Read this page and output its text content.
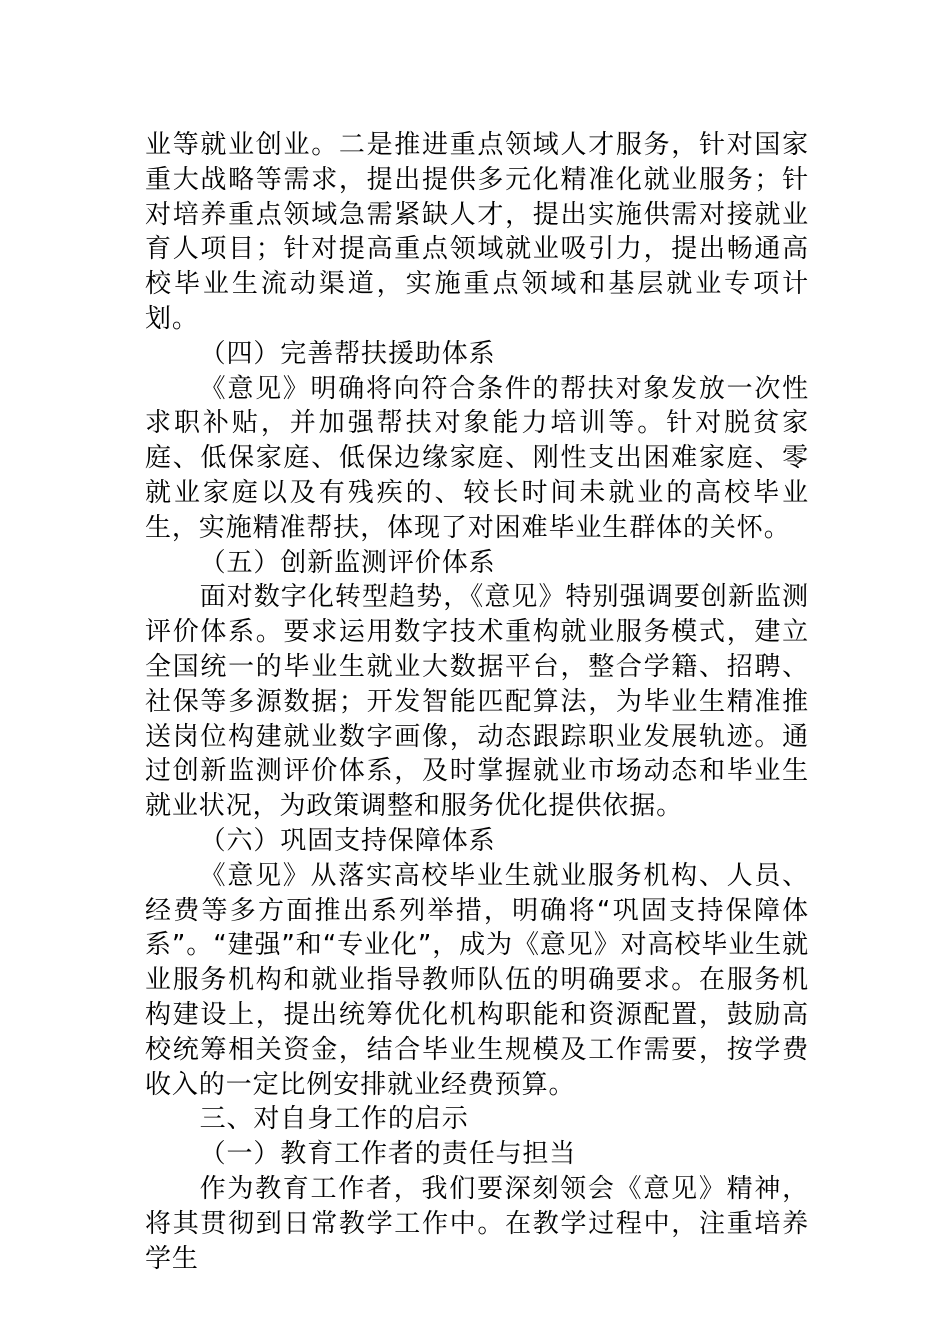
业等就业创业。二是推进重点领域人才服务，针对国家重大战略等需求，提出提供多元化精准化就业服务；针对培养重点领域急需紧缺人才，提出实施供需对接就业育人项目；针对提高重点领域就业吸引力，提出畅通高校毕业生流动渠道，实施重点领域和基层就业专项计划。

（四）完善帮扶援助体系

《意见》明确将向符合条件的帮扶对象发放一次性求职补贴，并加强帮扶对象能力培训等。针对脱贫家庭、低保家庭、低保边缘家庭、刚性支出困难家庭、零就业家庭以及有残疾的、较长时间未就业的高校毕业生，实施精准帮扶，体现了对困难毕业生群体的关怀。

（五）创新监测评价体系

面对数字化转型趋势，《意见》特别强调要创新监测评价体系。要求运用数字技术重构就业服务模式，建立全国统一的毕业生就业大数据平台，整合学籍、招聘、社保等多源数据；开发智能匹配算法，为毕业生精准推送岗位构建就业数字画像，动态跟踪职业发展轨迹。通过创新监测评价体系，及时掌握就业市场动态和毕业生就业状况，为政策调整和服务优化提供依据。

（六）巩固支持保障体系

《意见》从落实高校毕业生就业服务机构、人员、经费等多方面推出系列举措，明确将“巩固支持保障体系”。“建强”和“专业化”，成为《意见》对高校毕业生就业服务机构和就业指导教师队伍的明确要求。在服务机构建设上，提出统筹优化机构职能和资源配置，鼓励高校统筹相关资金，结合毕业生规模及工作需要，按学费收入的一定比例安排就业经费预算。

三、对自身工作的启示

（一）教育工作者的责任与担当

作为教育工作者，我们要深刻领会《意见》精神，将其贯彻到日常教学工作中。在教学过程中，注重培养学生
